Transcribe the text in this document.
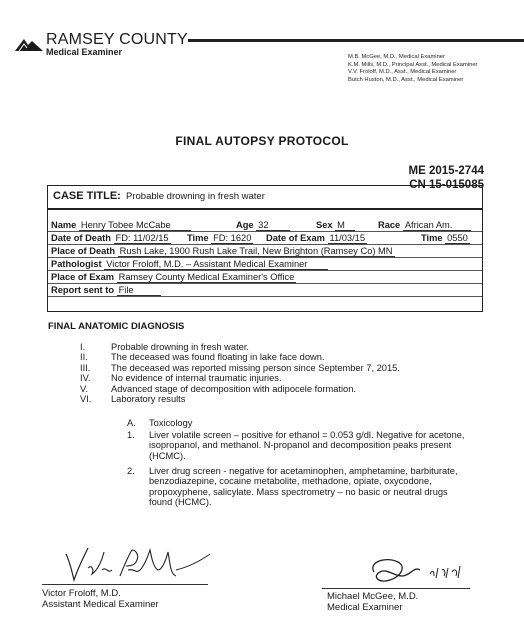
RAMSEY COUNTY
Medical Examiner	M.B. McGee, M.D., Medical Examiner
K.M. Mills, M.D., Principal Asst., Medical Examiner
V.V. Froloff, M.D., Asst., Medical Examiner
Butch Huston, M.D., Asst., Medical Examiner
FINAL AUTOPSY PROTOCOL
ME 2015-2744
CN 15-015085
CASE TITLE: Probable drowning in fresh water
Name Henry Tobee McCabe	Age 32	Sex M	Race African Am.
Date of Death FD: 11/02/15 Time FD: 1620 Date of Exam 11/03/15	Time 0550
Place of Death Rush Lake, 1900 Rush Lake Trail, New Brighton (Ramsey Co) MN
Pathologist Victor Froloff, M.D. – Assistant Medical Examiner
Place of Exam Ramsey County Medical Examiner's Office
Report sent to File
FINAL ANATOMIC DIAGNOSIS
I.	Probable drowning in fresh water.
II.	The deceased was found floating in lake face down.
III.	The deceased was reported missing person since September 7, 2015.
IV.	No evidence of internal traumatic injuries.
V.	Advanced stage of decomposition with adipocele formation.
VI.	Laboratory results
A. Toxicology
1. Liver volatile screen – positive for ethanol = 0.053 g/dl. Negative for acetone, isopropanol, and methanol. N-propanol and decomposition peaks present (HCMC).
2. Liver drug screen - negative for acetaminophen, amphetamine, barbiturate, benzodiazepine, cocaine metabolite, methadone, opiate, oxycodone, propoxyphene, salicylate. Mass spectrometry – no basic or neutral drugs found (HCMC).
Victor Froloff, M.D.
Assistant Medical Examiner
Michael McGee, M.D.
Medical Examiner
